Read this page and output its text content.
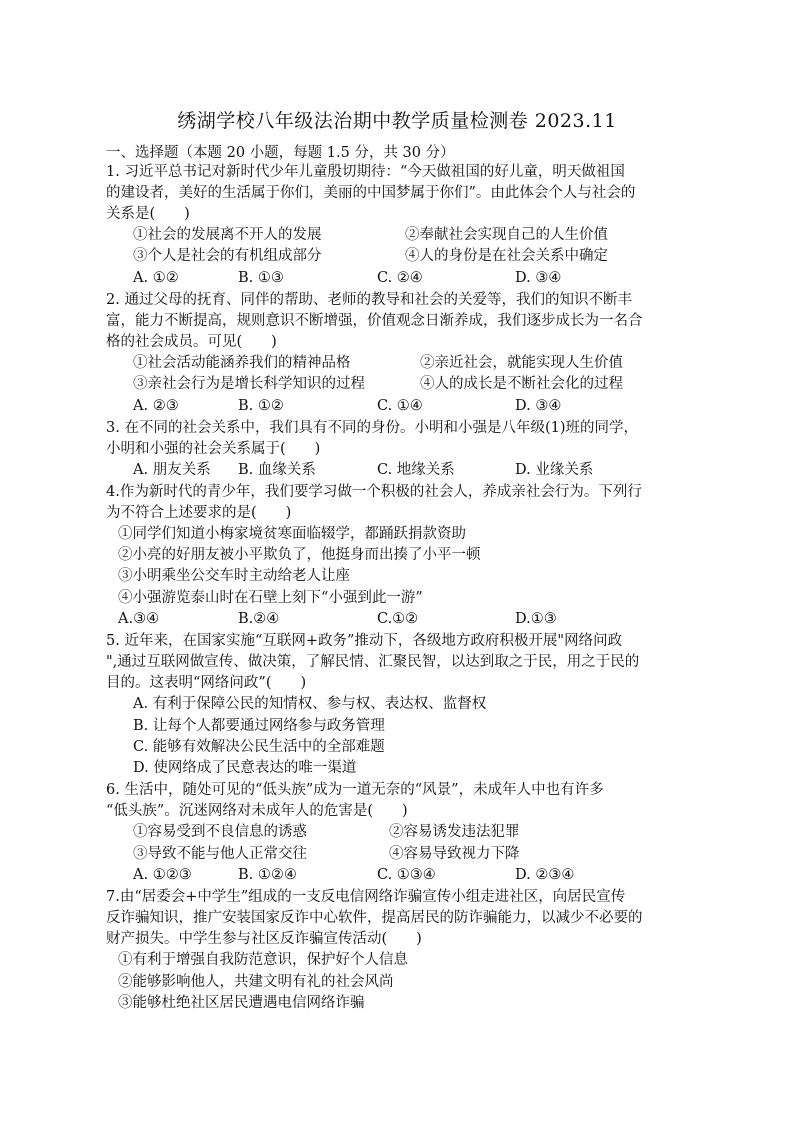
绣湖学校八年级法治期中教学质量检测卷 2023.11
一、选择题（本题 20 小题，每题 1.5 分，共 30 分）
1. 习近平总书记对新时代少年儿童殷切期待：“今天做祖国的好儿童，明天做祖国
的建设者，美好的生活属于你们，美丽的中国梦属于你们”。由此体会个人与社会的
关系是(　　)
①社会的发展离不开人的发展	②奉献社会实现自己的人生价值
③个人是社会的有机组成部分	④人的身份是在社会关系中确定
A. ①②	B. ①③	C. ②④	D. ③④
2. 通过父母的抚育、同伴的帮助、老师的教导和社会的关爱等，我们的知识不断丰
富，能力不断提高，规则意识不断增强，价值观念日渐养成，我们逐步成长为一名合
格的社会成员。可见(　　)
①社会活动能涵养我们的精神品格	②亲近社会，就能实现人生价值
③亲社会行为是增长科学知识的过程	④人的成长是不断社会化的过程
A. ②③	B. ①②	C. ①④	D. ③④
3. 在不同的社会关系中，我们具有不同的身份。小明和小强是八年级(1)班的同学，
小明和小强的社会关系属于(　　)
A. 朋友关系 B. 血缘关系	C. 地缘关系	D. 业缘关系
4.作为新时代的青少年，我们要学习做一个积极的社会人，养成亲社会行为。下列行
为不符合上述要求的是(　　)
①同学们知道小梅家境贫寒面临辍学，都踊跃捐款资助
②小亮的好朋友被小平欺负了，他挺身而出揍了小平一顿
③小明乘坐公交车时主动给老人让座
④小强游览泰山时在石壁上刻下“小强到此一游”
A.③④	B.②④	C.①②	D.①③
5. 近年来，在国家实施“互联网+政务”推动下，各级地方政府积极开展"网络问政
",通过互联网做宣传、做决策，了解民情、汇聚民智，以达到取之于民，用之于民的
目的。这表明“网络问政”(　　)
A. 有利于保障公民的知情权、参与权、表达权、监督权
B. 让每个人都要通过网络参与政务管理
C. 能够有效解决公民生活中的全部难题
D. 使网络成了民意表达的唯一渠道
6. 生活中，随处可见的“低头族”成为一道无奈的“风景”，未成年人中也有许多
“低头族”。沉迷网络对未成年人的危害是(　　)
①容易受到不良信息的诱惑	②容易诱发违法犯罪
③导致不能与他人正常交往	④容易导致视力下降
A. ①②③	B. ①②④	C. ①③④	D. ②③④
7.由“居委会+中学生”组成的一支反电信网络诈骗宣传小组走进社区，向居民宣传
反诈骗知识，推广安装国家反诈中心软件，提高居民的防诈骗能力，以减少不必要的
财产损失。中学生参与社区反诈骗宣传活动(　　)
①有利于增强自我防范意识，保护好个人信息
②能够影响他人，共建文明有礼的社会风尚
③能够杜绝社区居民遭遇电信网络诈骗
